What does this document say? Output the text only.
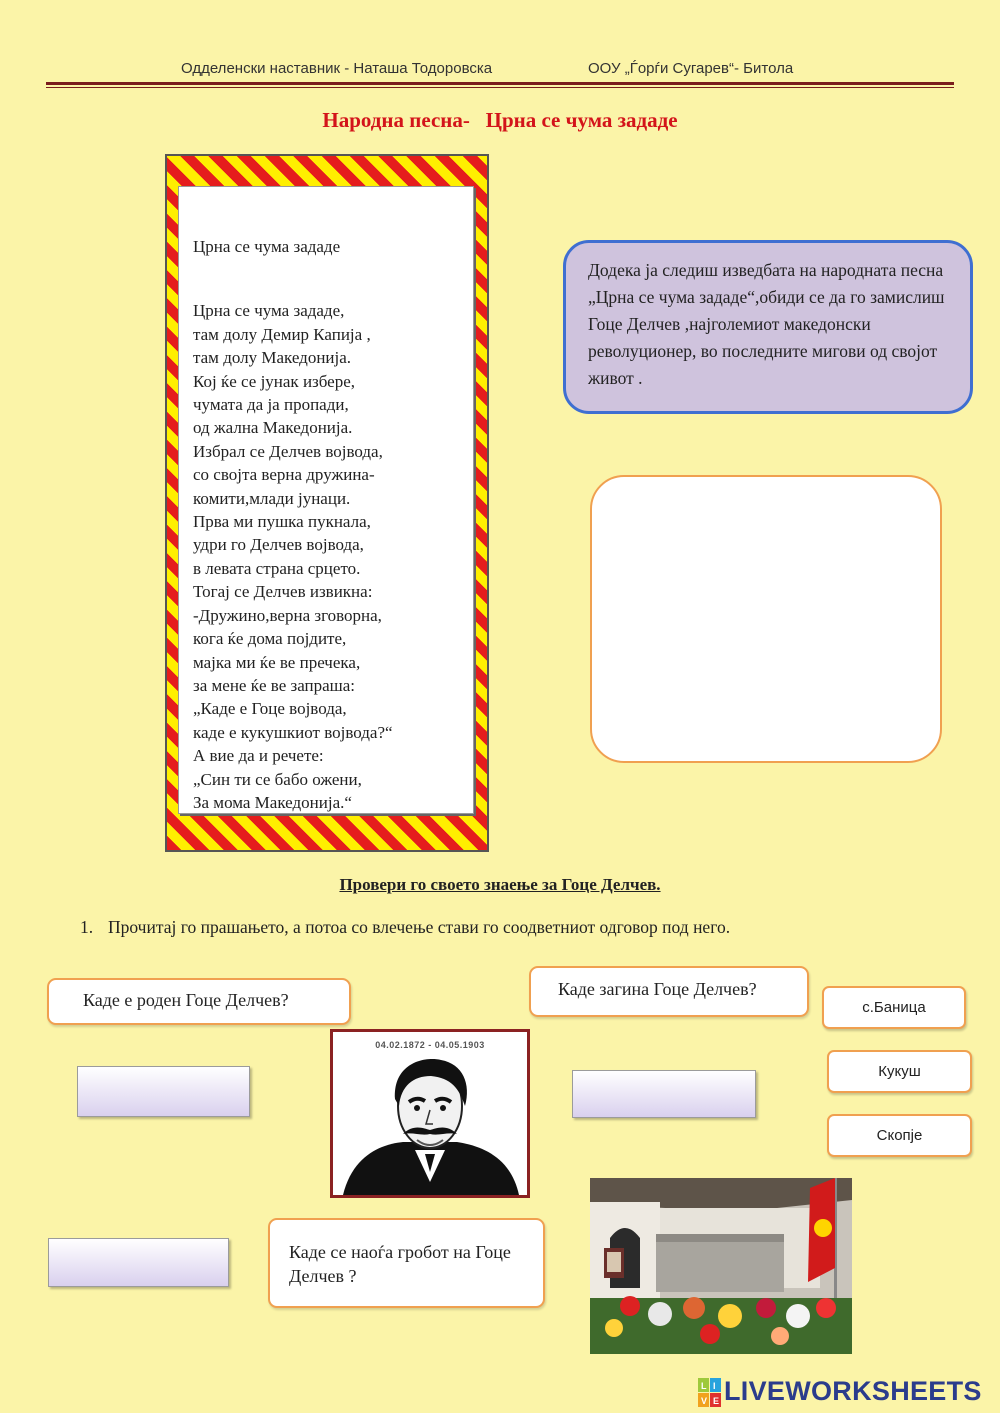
Одделенски наставник - Наташа Тодоровска	ООУ „Ѓорѓи Сугарев“- Битола
Народна песна-   Црна се чума зададе
Црна се чума зададе
Црна се чума зададе,
там долу Демир Капија ,
там долу Македонија.
Кој ќе се јунак избере,
чумата да ја пропади,
од жална Македонија.
Избрал се Делчев војвода,
со својта верна дружина-
комити,млади јунаци.
Прва ми пушка пукнала,
удри го Делчев војвода,
в левата страна срцето.
Тогај се Делчев извикна:
-Дружино,верна зговорна,
кога ќе дома појдите,
мајка ми ќе ве пречека,
за мене ќе ве запраша:
„Каде е Гоце војвода,
каде е кукушкиот војвода?“
А вие да и речете:
„Син ти се бабо ожени,
За мома Македонија.“
Додека ја следиш изведбата на народната песна „Црна се чума зададе“,обиди се да го замислиш Гоце Делчев ,најголемиот македонски револуционер, во последните мигови од својот живот .
Провери го своето знаење за Гоце Делчев.
1. Прочитај го прашањето, а потоа со влечење стави го соодветниот одговор под него.
Каде е роден Гоце Делчев?
Каде загина Гоце Делчев?
Каде се наоѓа гробот на Гоце Делчев ?
с.Баница
Кукуш
Скопје
04.02.1872 - 04.05.1903
L I
V E LIVEWORKSHEETS
